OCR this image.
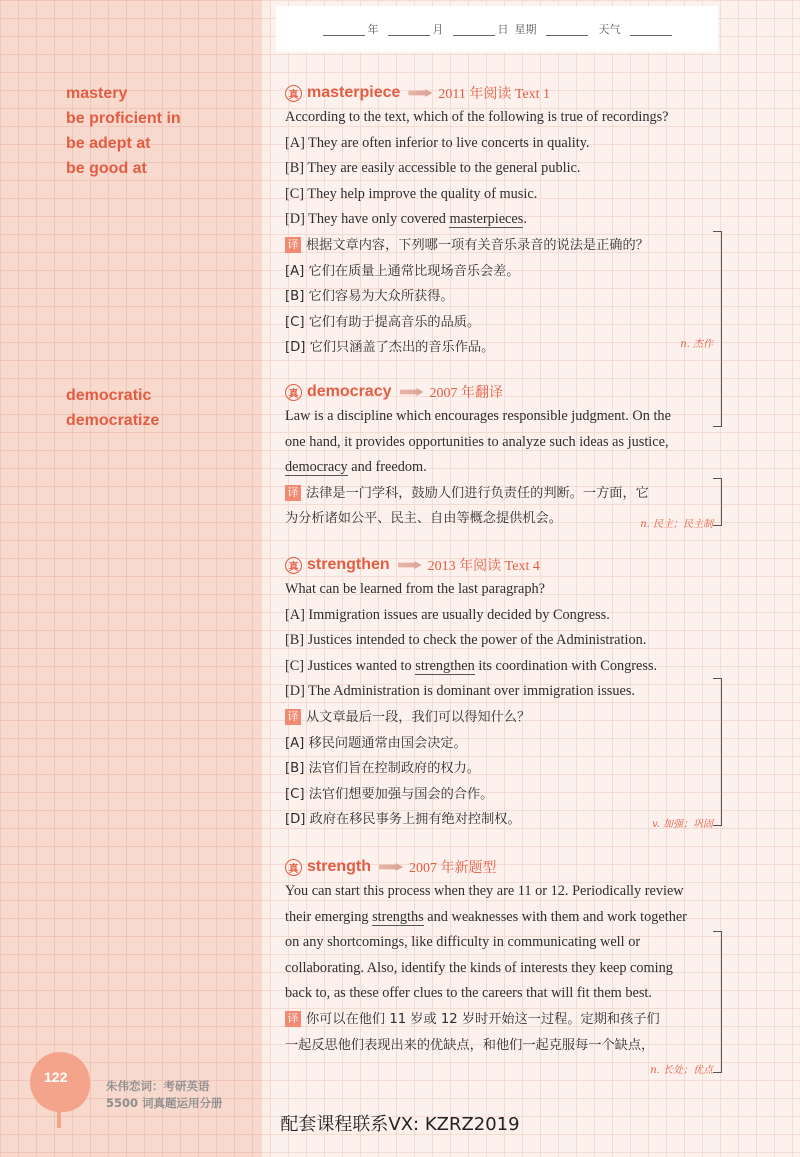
年	月	日 星期	天气
mastery
be proficient in
be adept at
be good at
democratic
democratize
真 masterpiece	2011 年阅读 Text 1
According to the text, which of the following is true of recordings?
[A] They are often inferior to live concerts in quality.
[B] They are easily accessible to the general public.
[C] They help improve the quality of music.
[D] They have only covered masterpieces.
译 根据文章内容，下列哪一项有关音乐录音的说法是正确的？
[A] 它们在质量上通常比现场音乐会差。
[B] 它们容易为大众所获得。
[C] 它们有助于提高音乐的品质。
[D] 它们只涵盖了杰出的音乐作品。	n. 杰作
真 democracy	2007 年翻译
Law is a discipline which encourages responsible judgment. On the
one hand, it provides opportunities to analyze such ideas as justice,
democracy and freedom.
译 法律是一门学科，鼓励人们进行负责任的判断。一方面，它
为分析诸如公平、民主、自由等概念提供机会。	n. 民主；民主制
真 strengthen	2013 年阅读 Text 4
What can be learned from the last paragraph?
[A] Immigration issues are usually decided by Congress.
[B] Justices intended to check the power of the Administration.
[C] Justices wanted to strengthen its coordination with Congress.
[D] The Administration is dominant over immigration issues.
译 从文章最后一段，我们可以得知什么？
[A] 移民问题通常由国会决定。
[B] 法官们旨在控制政府的权力。
[C] 法官们想要加强与国会的合作。
[D] 政府在移民事务上拥有绝对控制权。	v. 加强；巩固
真 strength	2007 年新题型
You can start this process when they are 11 or 12. Periodically review
their emerging strengths and weaknesses with them and work together
on any shortcomings, like difficulty in communicating well or
collaborating. Also, identify the kinds of interests they keep coming
back to, as these offer clues to the careers that will fit them best.
译 你可以在他们 11 岁或 12 岁时开始这一过程。定期和孩子们
一起反思他们表现出来的优缺点，和他们一起克服每一个缺点，
n. 长处；优点
122
朱伟恋词：考研英语
5500 词真题运用分册
配套课程联系VX: KZRZ2019
